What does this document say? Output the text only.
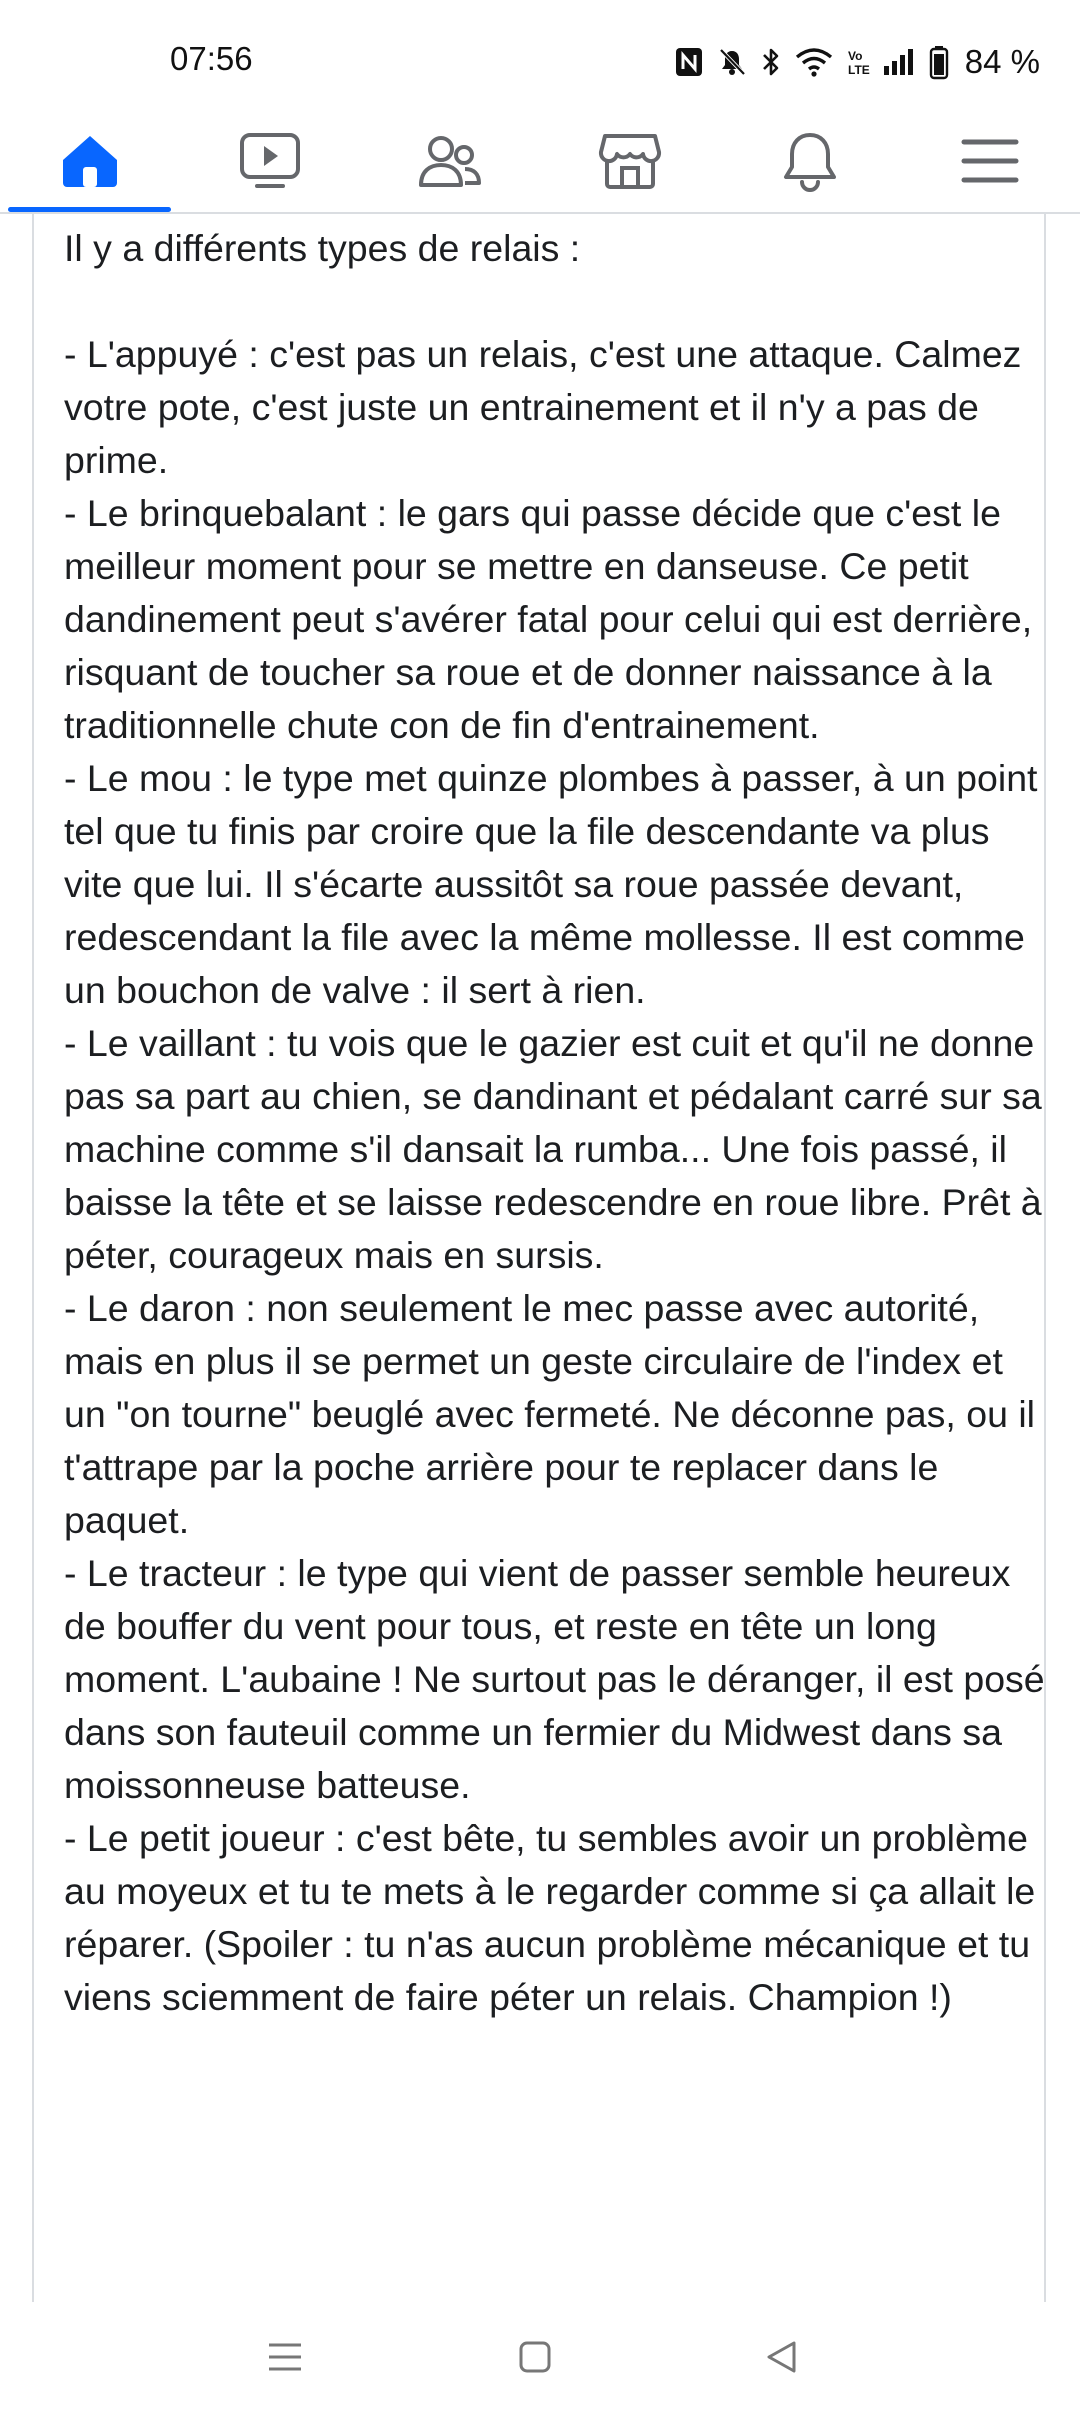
07:56	Vo
LTE	84 %

Il y a différents types de relais :

- L'appuyé : c'est pas un relais, c'est une attaque. Calmez votre pote, c'est juste un entrainement et il n'y a pas de prime.
- Le brinquebalant : le gars qui passe décide que c'est le meilleur moment pour se mettre en danseuse. Ce petit dandinement peut s'avérer fatal pour celui qui est derrière, risquant de toucher sa roue et de donner naissance à la traditionnelle chute con de fin d'entrainement.
- Le mou : le type met quinze plombes à passer, à un point tel que tu finis par croire que la file descendante va plus vite que lui. Il s'écarte aussitôt sa roue passée devant, redescendant la file avec la même mollesse. Il est comme un bouchon de valve : il sert à rien.
- Le vaillant : tu vois que le gazier est cuit et qu'il ne donne pas sa part au chien, se dandinant et pédalant carré sur sa machine comme s'il dansait la rumba... Une fois passé, il baisse la tête et se laisse redescendre en roue libre. Prêt à péter, courageux mais en sursis.
- Le daron : non seulement le mec passe avec autorité, mais en plus il se permet un geste circulaire de l'index et un "on tourne" beuglé avec fermeté. Ne déconne pas, ou il t'attrape par la poche arrière pour te replacer dans le paquet.
- Le tracteur : le type qui vient de passer semble heureux de bouffer du vent pour tous, et reste en tête un long moment. L'aubaine ! Ne surtout pas le déranger, il est posé dans son fauteuil comme un fermier du Midwest dans sa moissonneuse batteuse.
- Le petit joueur : c'est bête, tu sembles avoir un problème au moyeux et tu te mets à le regarder comme si ça allait le réparer. (Spoiler : tu n'as aucun problème mécanique et tu viens sciemment de faire péter un relais. Champion !)
